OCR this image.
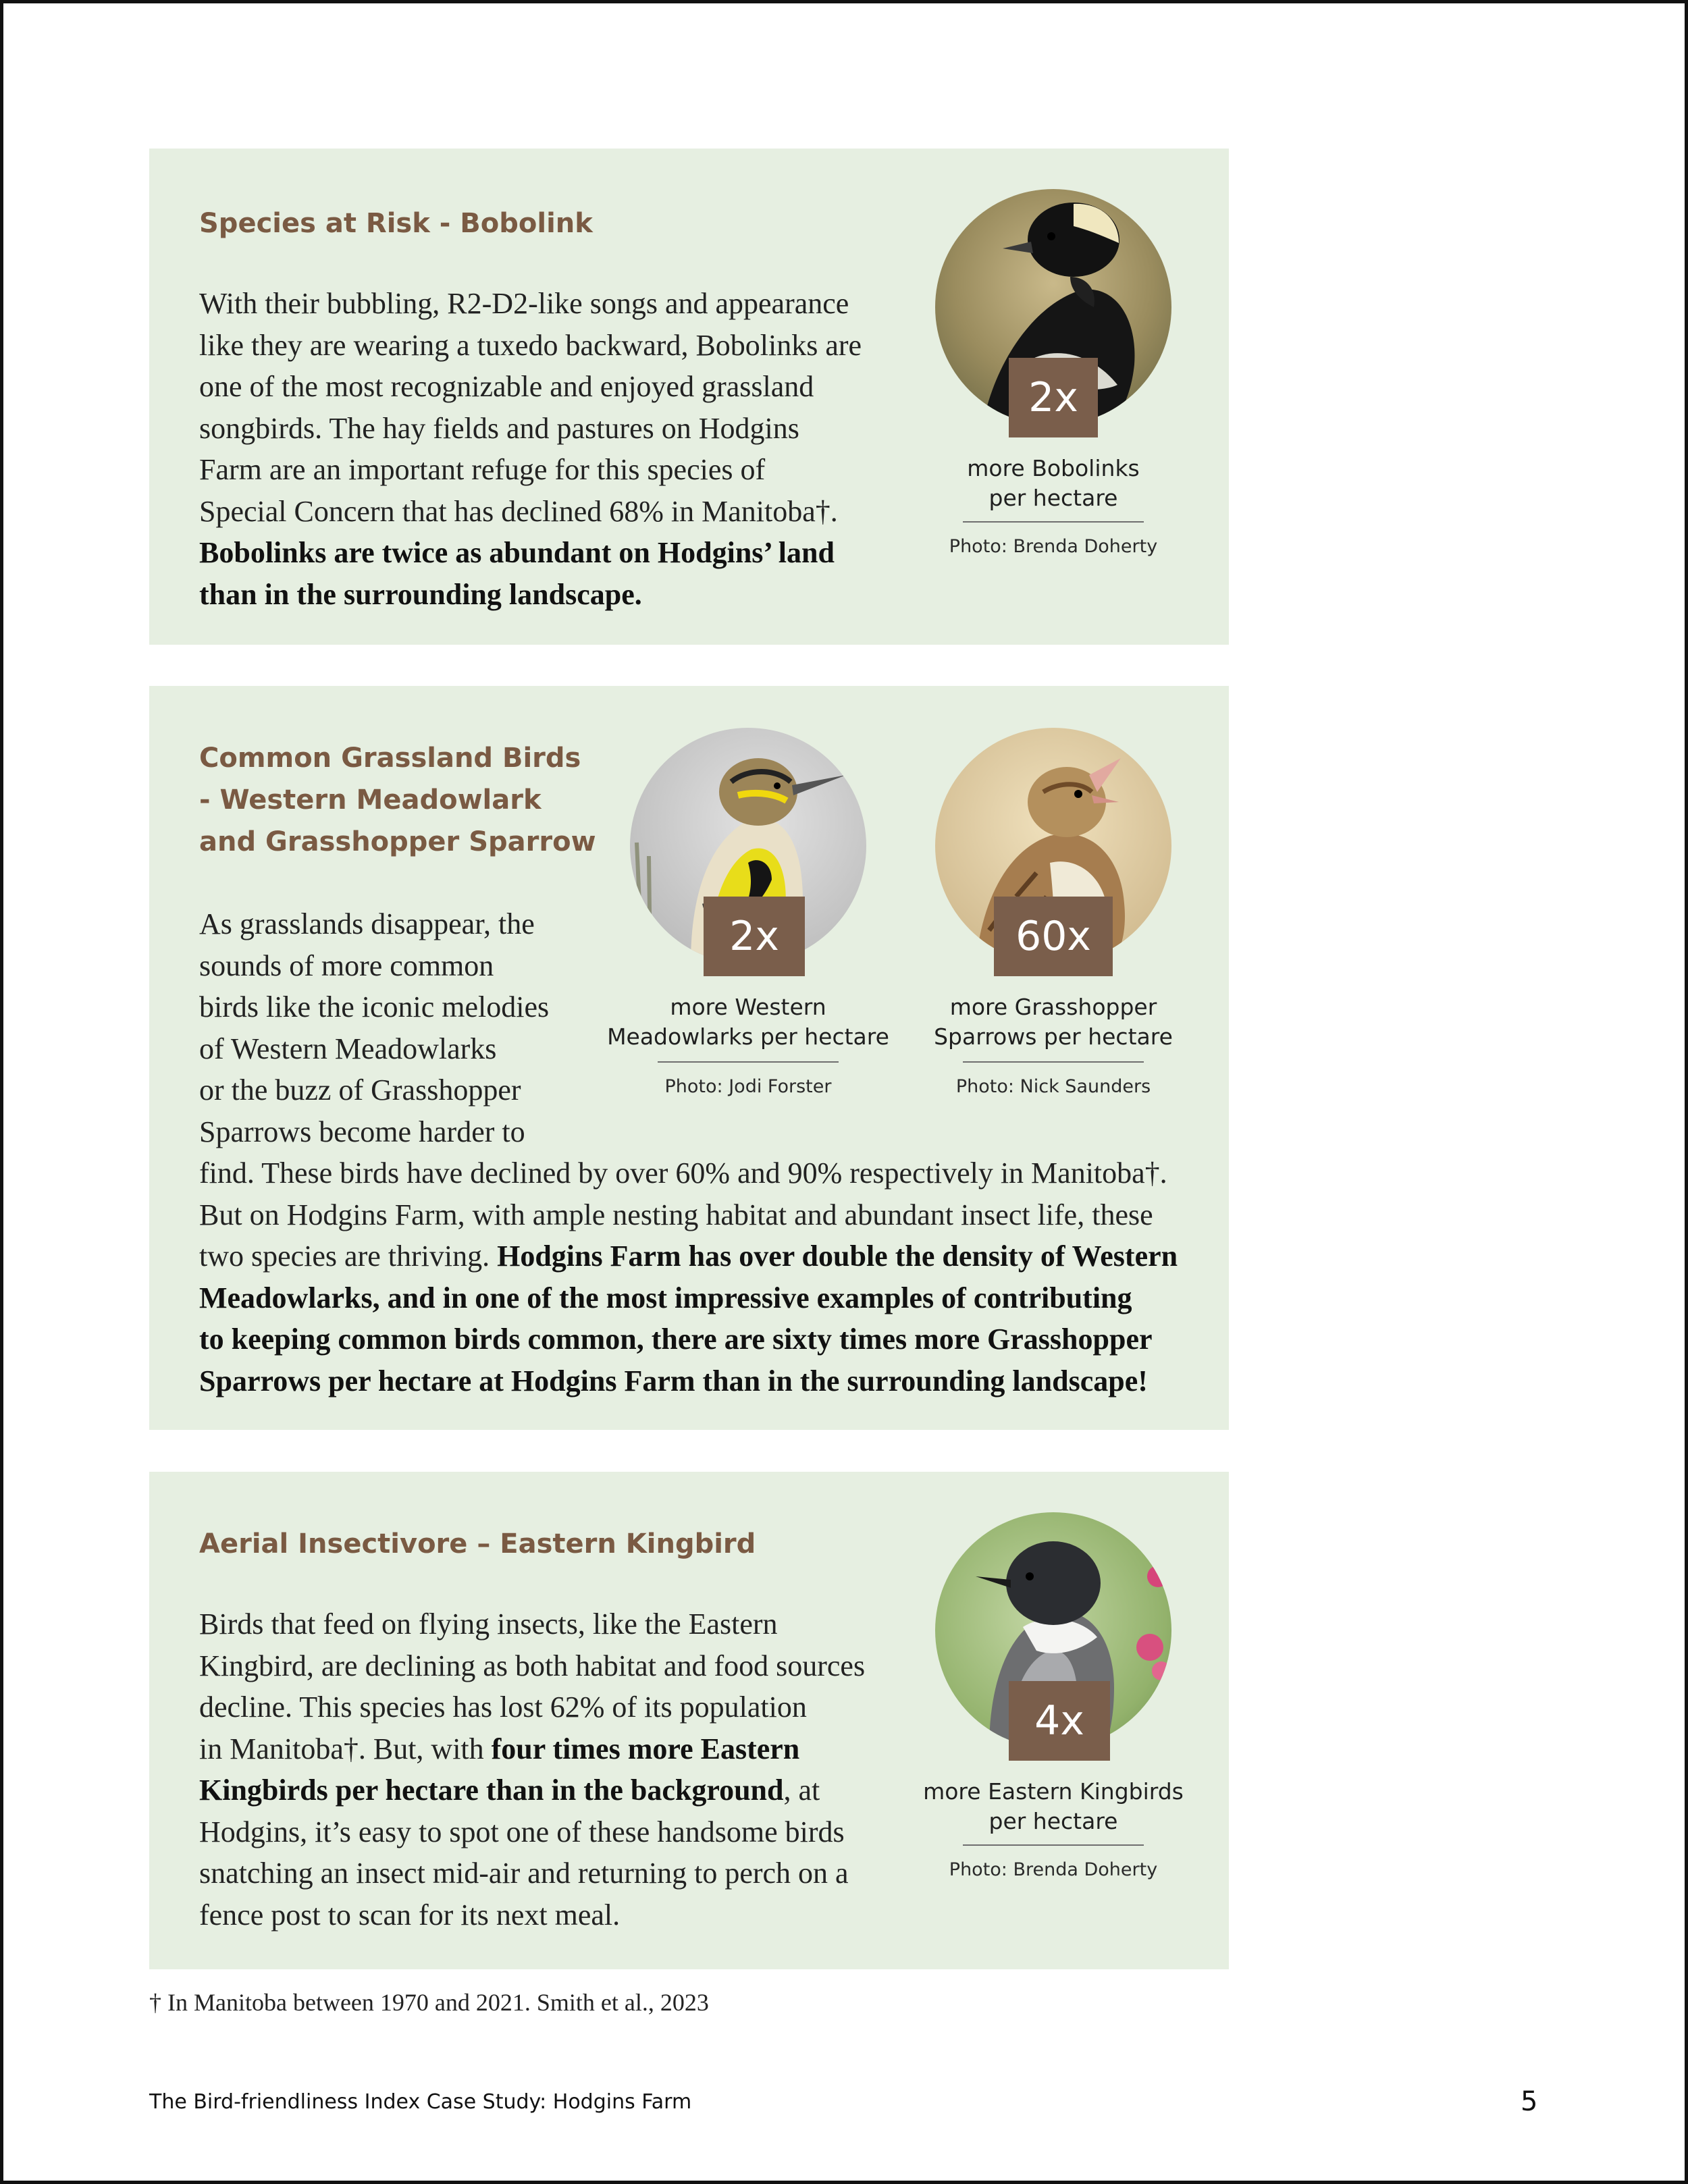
Species at Risk - Bobolink
With their bubbling, R2-D2-like songs and appearance
like they are wearing a tuxedo backward, Bobolinks are
one of the most recognizable and enjoyed grassland
songbirds. The hay fields and pastures on Hodgins
Farm are an important refuge for this species of
Special Concern that has declined 68% in Manitoba†.
Bobolinks are twice as abundant on Hodgins’ land
than in the surrounding landscape.
2x
more Bobolinks
per hectare
Photo: Brenda Doherty
Common Grassland Birds
- Western Meadowlark
and Grasshopper Sparrow
As grasslands disappear, the
sounds of more common
birds like the iconic melodies
of Western Meadowlarks
or the buzz of Grasshopper
Sparrows become harder to
find. These birds have declined by over 60% and 90% respectively in Manitoba†.
But on Hodgins Farm, with ample nesting habitat and abundant insect life, these
two species are thriving. Hodgins Farm has over double the density of Western
Meadowlarks, and in one of the most impressive examples of contributing
to keeping common birds common, there are sixty times more Grasshopper
Sparrows per hectare at Hodgins Farm than in the surrounding landscape!
2x
more Western
Meadowlarks per hectare
Photo: Jodi Forster
60x
more Grasshopper
Sparrows per hectare
Photo: Nick Saunders
Aerial Insectivore – Eastern Kingbird
Birds that feed on flying insects, like the Eastern
Kingbird, are declining as both habitat and food sources
decline. This species has lost 62% of its population
in Manitoba†. But, with four times more Eastern
Kingbirds per hectare than in the background, at
Hodgins, it’s easy to spot one of these handsome birds
snatching an insect mid-air and returning to perch on a
fence post to scan for its next meal.
4x
more Eastern Kingbirds
per hectare
Photo: Brenda Doherty
† In Manitoba between 1970 and 2021. Smith et al., 2023
The Bird-friendliness Index Case Study: Hodgins Farm	5
